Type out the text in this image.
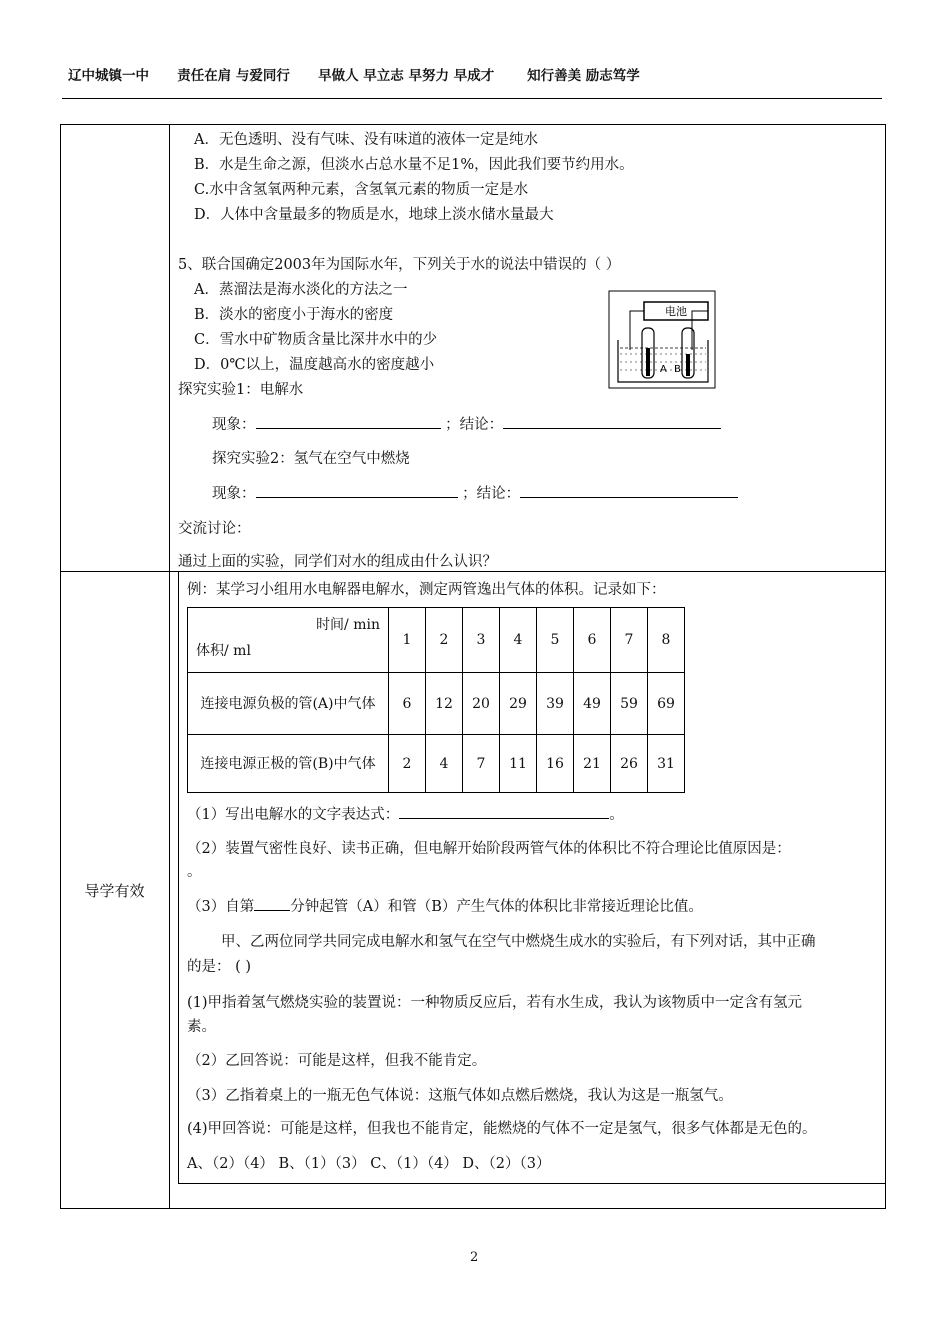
辽中城镇一中      责任在肩 与爱同行      早做人 早立志 早努力 早成才       知行善美 励志笃学
A．无色透明、没有气味、没有味道的液体一定是纯水
B．水是生命之源，但淡水占总水量不足1%，因此我们要节约用水。
C.水中含氢氧两种元素，含氢氧元素的物质一定是水
D．人体中含量最多的物质是水，地球上淡水储水量最大
5、联合国确定2003年为国际水年，下列关于水的说法中错误的（ ）
A．蒸溜法是海水淡化的方法之一
B．淡水的密度小于海水的密度
C．雪水中矿物质含量比深井水中的少
D．0℃以上，温度越高水的密度越小
电池
A B
探究实验1：电解水
现象：	；结论：
探究实验2：氢气在空气中燃烧
现象：	；结论：
交流讨论：
通过上面的实验，同学们对水的组成由什么认识？
导学有效
例：某学习小组用水电解器电解水，测定两管逸出气体的体积。记录如下：
时间/ min
体积/ ml	1	2	3	4	5	6	7	8
连接电源负极的管(A)中气体	6	12	20	29	39	49	59	69
连接电源正极的管(B)中气体	2	4	7	11	16	21	26	31
（1）写出电解水的文字表达式：	。
（2）装置气密性良好、读书正确，但电解开始阶段两管气体的体积比不符合理论比值原因是：
。
（3）自第 分钟起管（A）和管（B）产生气体的体积比非常接近理论比值。
甲、乙两位同学共同完成电解水和氢气在空气中燃烧生成水的实验后，有下列对话，其中正确
的是： ( )
(1)甲指着氢气燃烧实验的装置说：一种物质反应后，若有水生成，我认为该物质中一定含有氢元
素。
（2）乙回答说：可能是这样，但我不能肯定。
（3）乙指着桌上的一瓶无色气体说：这瓶气体如点燃后燃烧，我认为这是一瓶氢气。
(4)甲回答说：可能是这样，但我也不能肯定，能燃烧的气体不一定是氢气，很多气体都是无色的。
A、（2）（4） B、（1）（3） C、（1）（4） D、（2）（3）
2
